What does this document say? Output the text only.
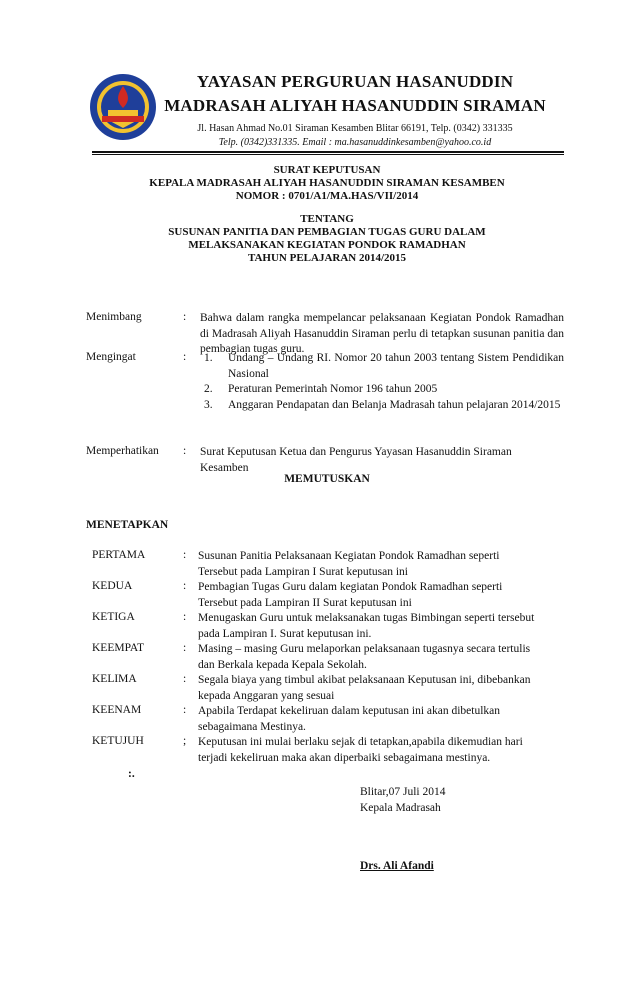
YAYASAN PERGURUAN HASANUDDIN
MADRASAH ALIYAH HASANUDDIN SIRAMAN
Jl. Hasan Ahmad No.01 Siraman Kesamben Blitar 66191, Telp. (0342) 331335
Telp. (0342)331335. Email : ma.hasanuddinkesamben@yahoo.co.id
SURAT KEPUTUSAN
KEPALA MADRASAH ALIYAH HASANUDDIN SIRAMAN KESAMBEN
NOMOR : 0701/A1/MA.HAS/VII/2014
TENTANG
SUSUNAN PANITIA DAN PEMBAGIAN TUGAS GURU DALAM
MELAKSANAKAN KEGIATAN PONDOK RAMADHAN
TAHUN PELAJARAN 2014/2015
Menimbang	: Bahwa dalam rangka mempelancar pelaksanaan Kegiatan Pondok Ramadhan di Madrasah Aliyah Hasanuddin Siraman perlu di tetapkan susunan panitia dan pembagian tugas guru.
Mengingat	:	1.	Undang – Undang RI. Nomor 20 tahun 2003 tentang Sistem Pendidikan Nasional
2.	Peraturan Pemerintah Nomor 196 tahun 2005
3.	Anggaran Pendapatan dan Belanja Madrasah tahun pelajaran 2014/2015
Memperhatikan : Surat Keputusan Ketua dan Pengurus Yayasan Hasanuddin Siraman Kesamben
MEMUTUSKAN
MENETAPKAN
PERTAMA	: Susunan Panitia Pelaksanaan Kegiatan Pondok Ramadhan seperti
Tersebut pada Lampiran I Surat keputusan ini
KEDUA	: Pembagian Tugas Guru dalam kegiatan Pondok Ramadhan seperti
Tersebut pada Lampiran II Surat keputusan ini
KETIGA	: Menugaskan Guru untuk melaksanakan tugas Bimbingan seperti tersebut
pada Lampiran I. Surat keputusan ini.
KEEMPAT	: Masing – masing Guru melaporkan pelaksanaan tugasnya secara tertulis
dan Berkala kepada Kepala Sekolah.
KELIMA	: Segala biaya yang timbul akibat pelaksanaan Keputusan ini, dibebankan
kepada Anggaran yang sesuai
KEENAM	: Apabila Terdapat kekeliruan dalam keputusan ini akan dibetulkan
sebagaimana Mestinya.
KETUJUH	; Keputusan ini mulai berlaku sejak di tetapkan,apabila dikemudian hari
terjadi kekeliruan maka akan diperbaiki sebagaimana mestinya.
:.
Blitar,07 Juli 2014
Kepala Madrasah
Drs. Ali Afandi
